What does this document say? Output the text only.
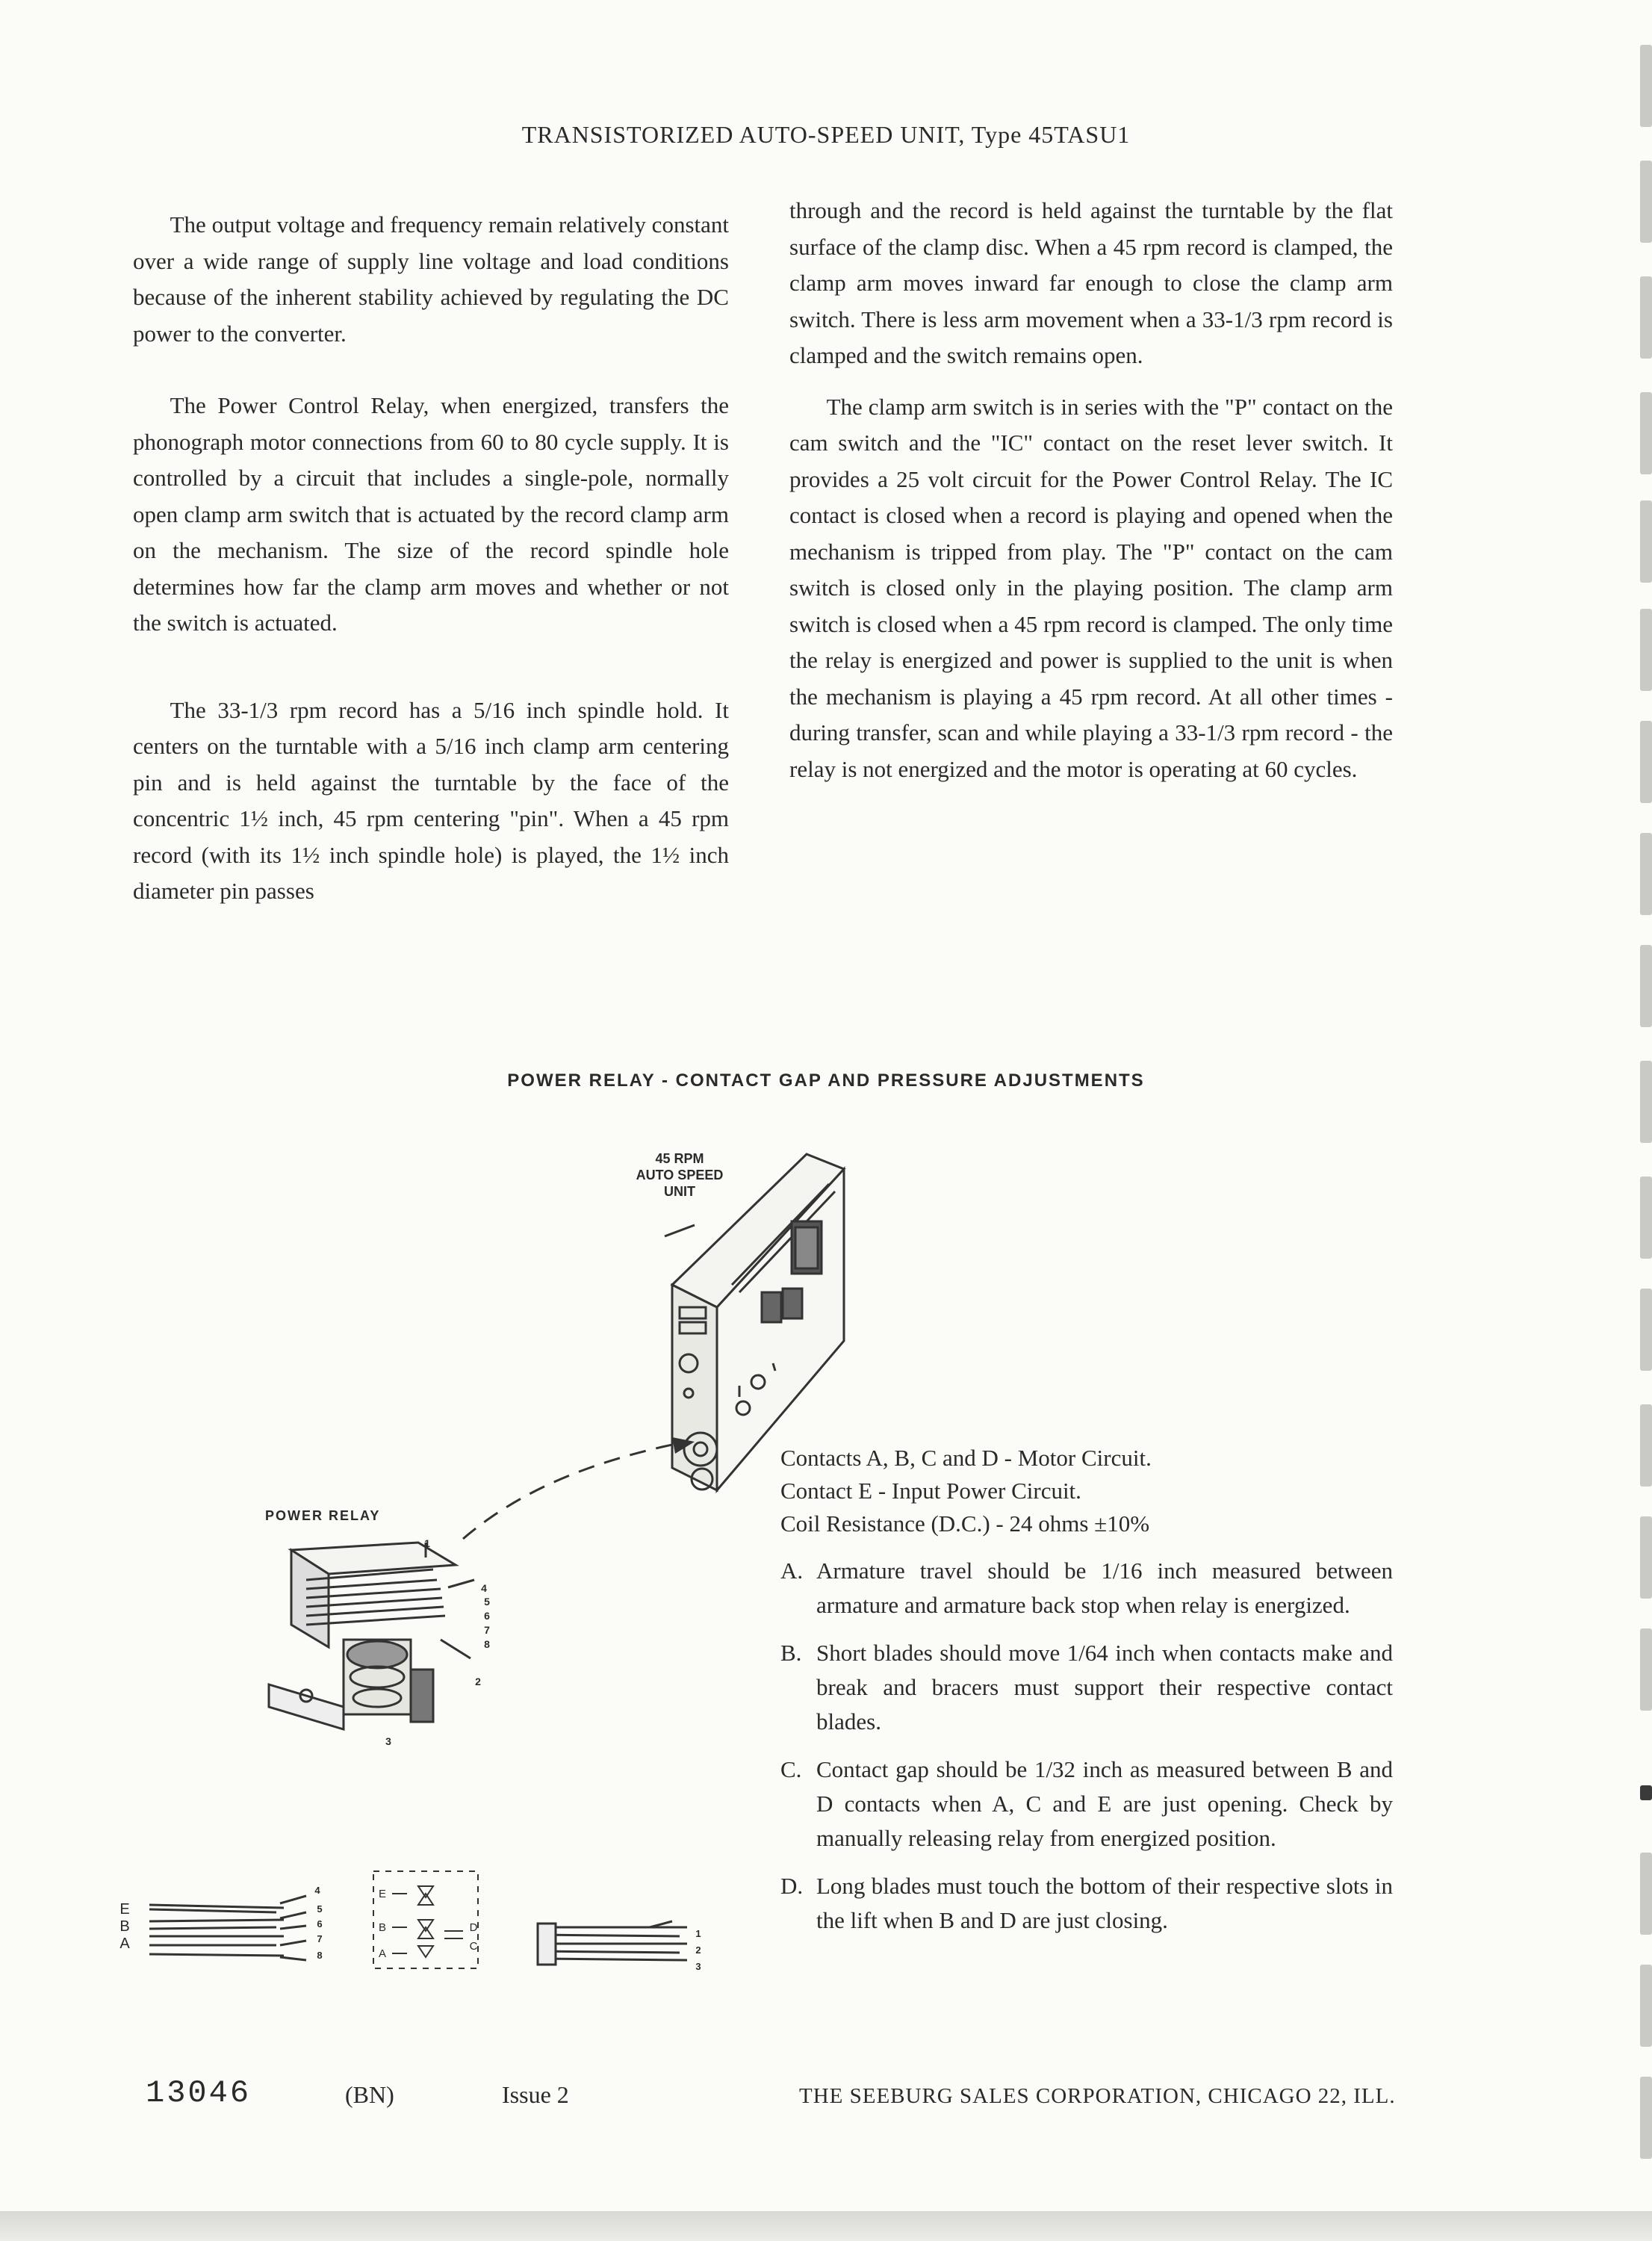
TRANSISTORIZED AUTO-SPEED UNIT, Type 45TASU1

The output voltage and frequency remain relatively constant over a wide range of supply line voltage and load conditions because of the inherent stability achieved by regulating the DC power to the converter.

The Power Control Relay, when energized, transfers the phonograph motor connections from 60 to 80 cycle supply. It is controlled by a circuit that includes a single-pole, normally open clamp arm switch that is actuated by the record clamp arm on the mechanism. The size of the record spindle hole determines how far the clamp arm moves and whether or not the switch is actuated.

The 33-1/3 rpm record has a 5/16 inch spindle hold. It centers on the turntable with a 5/16 inch clamp arm centering pin and is held against the turntable by the face of the concentric 1½ inch, 45 rpm centering "pin". When a 45 rpm record (with its 1½ inch spindle hole) is played, the 1½ inch diameter pin passes

through and the record is held against the turntable by the flat surface of the clamp disc. When a 45 rpm record is clamped, the clamp arm moves inward far enough to close the clamp arm switch. There is less arm movement when a 33-1/3 rpm record is clamped and the switch remains open.

The clamp arm switch is in series with the "P" contact on the cam switch and the "IC" contact on the reset lever switch. It provides a 25 volt circuit for the Power Control Relay. The IC contact is closed when a record is playing and opened when the mechanism is tripped from play. The "P" contact on the cam switch is closed only in the playing position. The clamp arm switch is closed when a 45 rpm record is clamped. The only time the relay is energized and power is supplied to the unit is when the mechanism is playing a 45 rpm record. At all other times - during transfer, scan and while playing a 33-1/3 rpm record - the relay is not energized and the motor is operating at 60 cycles.

POWER RELAY - CONTACT GAP AND PRESSURE ADJUSTMENTS
45 RPM
AUTO SPEED
UNIT
POWER RELAY
1
4
5
6
7
8
2
3
E
B
A
4
5
6
7
8
E
B
A
D
C
1
2
3
Contacts A, B, C and D - Motor Circuit.
Contact E - Input Power Circuit.
Coil Resistance (D.C.) - 24 ohms ±10%
A. Armature travel should be 1/16 inch measured between armature and armature back stop when relay is energized.
B. Short blades should move 1/64 inch when contacts make and break and bracers must support their respective contact blades.
C. Contact gap should be 1/32 inch as measured between B and D contacts when A, C and E are just opening. Check by manually releasing relay from energized position.
D. Long blades must touch the bottom of their respective slots in the lift when B and D are just closing.
13046	(BN)	Issue 2	THE SEEBURG SALES CORPORATION, CHICAGO 22, ILL.
